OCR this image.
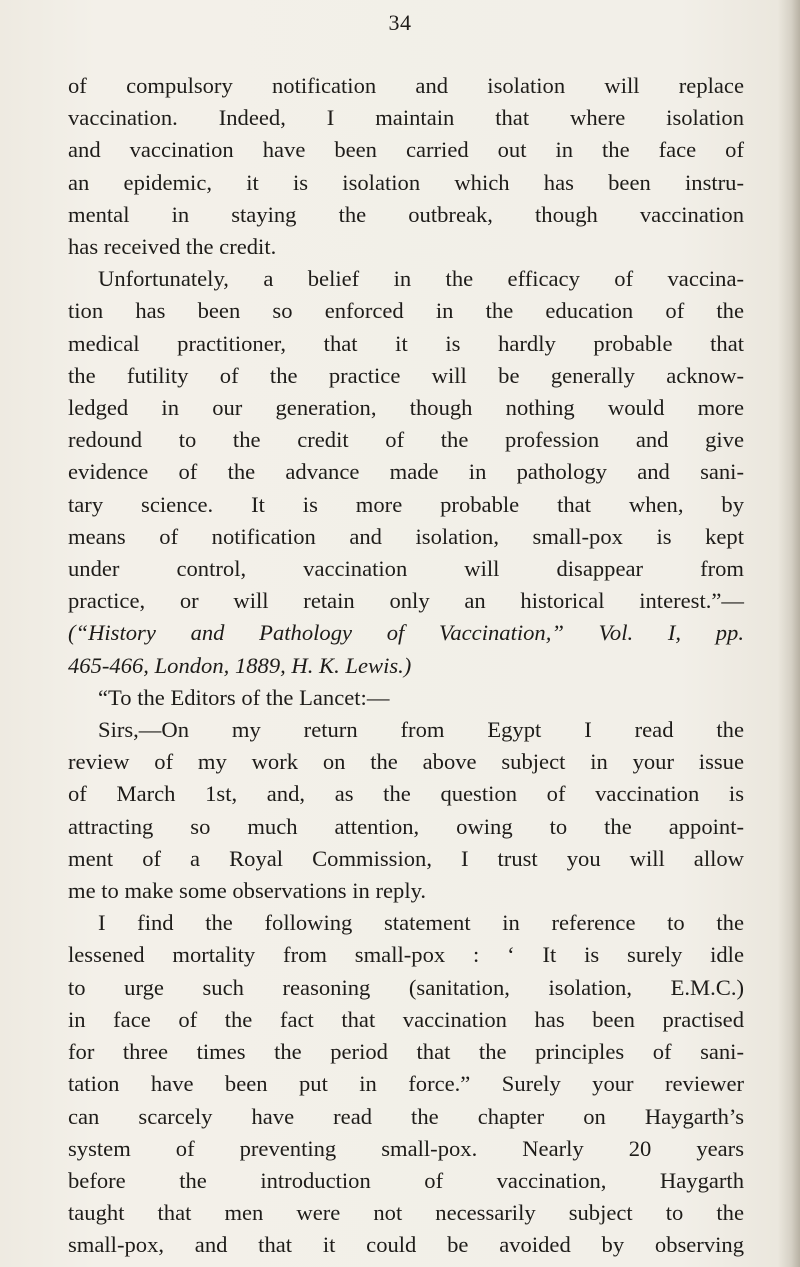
34
of compulsory notification and isolation will replace
vaccination. Indeed, I maintain that where isolation
and vaccination have been carried out in the face of
an epidemic, it is isolation which has been instru-
mental in staying the outbreak, though vaccination
has received the credit.
Unfortunately, a belief in the efficacy of vaccina-
tion has been so enforced in the education of the
medical practitioner, that it is hardly probable that
the futility of the practice will be generally acknow-
ledged in our generation, though nothing would more
redound to the credit of the profession and give
evidence of the advance made in pathology and sani-
tary science. It is more probable that when, by
means of notification and isolation, small-pox is kept
under control, vaccination will disappear from
practice, or will retain only an historical interest.”—
(“History and Pathology of Vaccination,” Vol. I, pp.
465-466, London, 1889, H. K. Lewis.)
“To the Editors of the Lancet:—
Sirs,—On my return from Egypt I read the
review of my work on the above subject in your issue
of March 1st, and, as the question of vaccination is
attracting so much attention, owing to the appoint-
ment of a Royal Commission, I trust you will allow
me to make some observations in reply.
I find the following statement in reference to the
lessened mortality from small-pox : ‘ It is surely idle
to urge such reasoning (sanitation, isolation, E.M.C.)
in face of the fact that vaccination has been practised
for three times the period that the principles of sani-
tation have been put in force.” Surely your reviewer
can scarcely have read the chapter on Haygarth’s
system of preventing small-pox. Nearly 20 years
before the introduction of vaccination, Haygarth
taught that men were not necessarily subject to the
small-pox, and that it could be avoided by observing
